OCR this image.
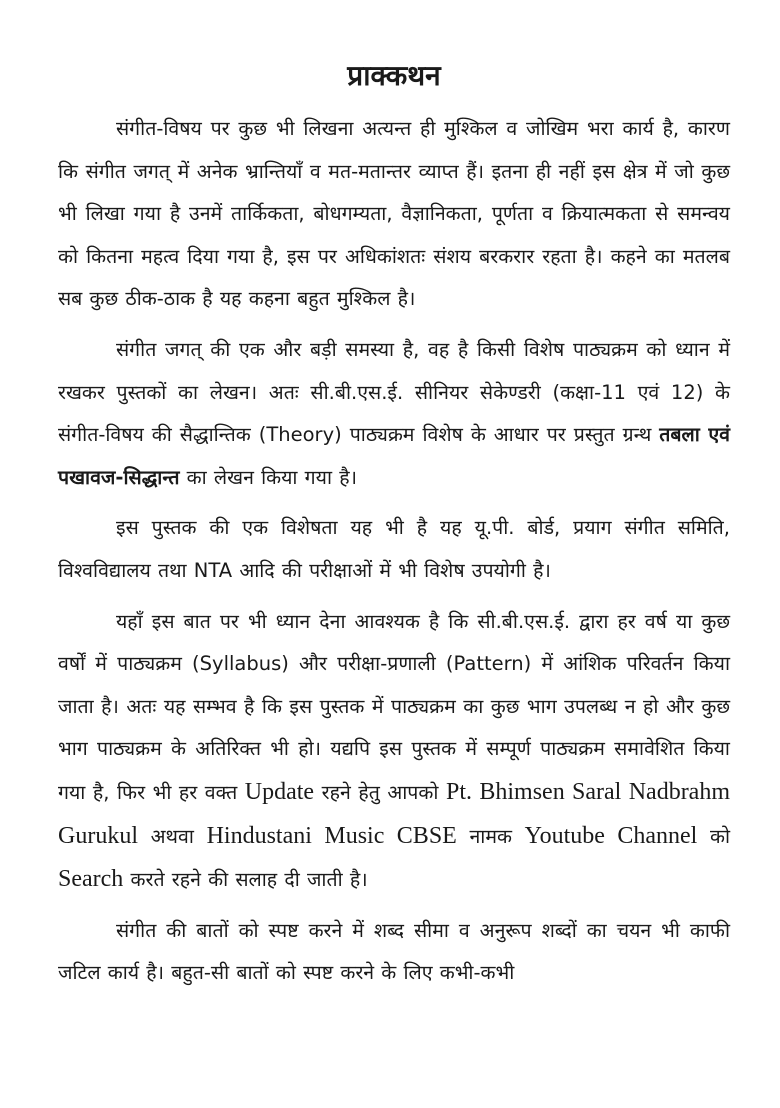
प्राक्कथन

संगीत-विषय पर कुछ भी लिखना अत्यन्त ही मुश्किल व जोखिम भरा कार्य है, कारण कि संगीत जगत् में अनेक भ्रान्तियाँ व मत-मतान्तर व्याप्त हैं। इतना ही नहीं इस क्षेत्र में जो कुछ भी लिखा गया है उनमें तार्किकता, बोधगम्यता, वैज्ञानिकता, पूर्णता व क्रियात्मकता से समन्वय को कितना महत्व दिया गया है, इस पर अधिकांशतः संशय बरकरार रहता है। कहने का मतलब सब कुछ ठीक-ठाक है यह कहना बहुत मुश्किल है।

संगीत जगत् की एक और बड़ी समस्या है, वह है किसी विशेष पाठ्यक्रम को ध्यान में रखकर पुस्तकों का लेखन। अतः सी.बी.एस.ई. सीनियर सेकेण्डरी (कक्षा-11 एवं 12) के संगीत-विषय की सैद्धान्तिक (Theory) पाठ्यक्रम विशेष के आधार पर प्रस्तुत ग्रन्थ तबला एवं पखावज-सिद्धान्त का लेखन किया गया है।

इस पुस्तक की एक विशेषता यह भी है यह यू.पी. बोर्ड, प्रयाग संगीत समिति, विश्वविद्यालय तथा NTA आदि की परीक्षाओं में भी विशेष उपयोगी है।

यहाँ इस बात पर भी ध्यान देना आवश्यक है कि सी.बी.एस.ई. द्वारा हर वर्ष या कुछ वर्षों में पाठ्यक्रम (Syllabus) और परीक्षा-प्रणाली (Pattern) में आंशिक परिवर्तन किया जाता है। अतः यह सम्भव है कि इस पुस्तक में पाठ्यक्रम का कुछ भाग उपलब्ध न हो और कुछ भाग पाठ्यक्रम के अतिरिक्त भी हो। यद्यपि इस पुस्तक में सम्पूर्ण पाठ्यक्रम समावेशित किया गया है, फिर भी हर वक्त Update रहने हेतु आपको Pt. Bhimsen Saral Nadbrahm Gurukul अथवा Hindustani Music CBSE नामक Youtube Channel को Search करते रहने की सलाह दी जाती है।

संगीत की बातों को स्पष्ट करने में शब्द सीमा व अनुरूप शब्दों का चयन भी काफी जटिल कार्य है। बहुत-सी बातों को स्पष्ट करने के लिए कभी-कभी
